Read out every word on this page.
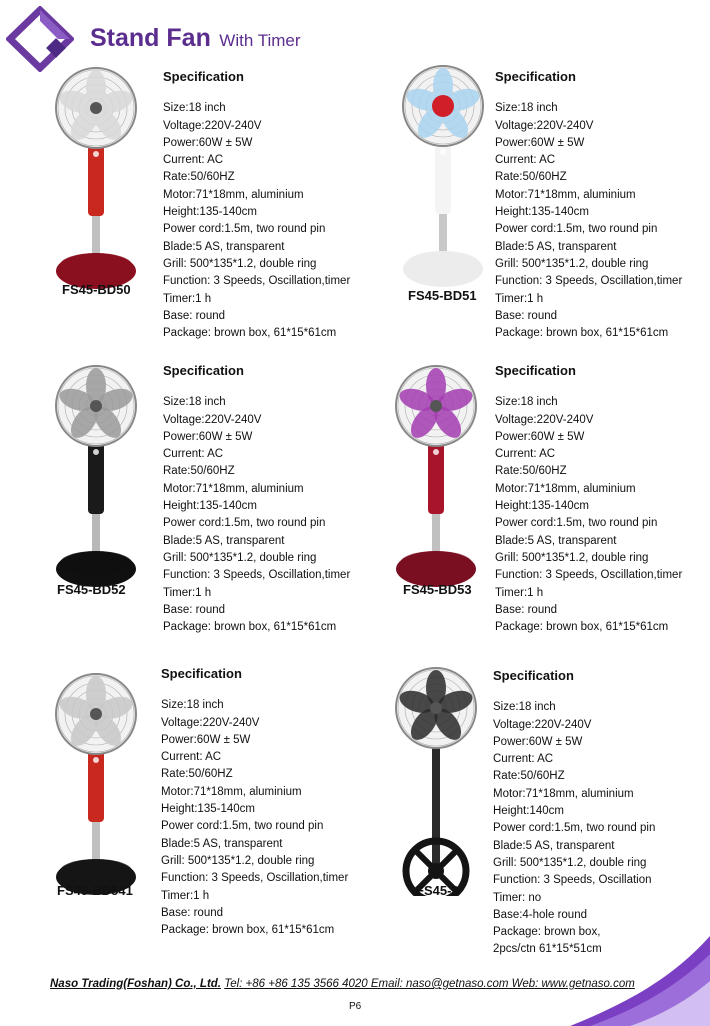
Stand Fan With Timer
FS45-BD50
Specification
Size:18 inch
Voltage:220V-240V
Power:60W ± 5W
Current: AC
Rate:50/60HZ
Motor:71*18mm, aluminium
Height:135-140cm
Power cord:1.5m, two round pin
Blade:5 AS, transparent
Grill: 500*135*1.2, double ring
Function: 3 Speeds, Oscillation,timer
Timer:1 h
Base: round
Package: brown box, 61*15*61cm
FS45-BD51
Specification
Size:18 inch
Voltage:220V-240V
Power:60W ± 5W
Current: AC
Rate:50/60HZ
Motor:71*18mm, aluminium
Height:135-140cm
Power cord:1.5m, two round pin
Blade:5 AS, transparent
Grill: 500*135*1.2, double ring
Function: 3 Speeds, Oscillation,timer
Timer:1 h
Base: round
Package: brown box, 61*15*61cm
FS45-BD52
Specification
Size:18 inch
Voltage:220V-240V
Power:60W ± 5W
Current: AC
Rate:50/60HZ
Motor:71*18mm, aluminium
Height:135-140cm
Power cord:1.5m, two round pin
Blade:5 AS, transparent
Grill: 500*135*1.2, double ring
Function: 3 Speeds, Oscillation,timer
Timer:1 h
Base: round
Package: brown box, 61*15*61cm
FS45-BD53
Specification
Size:18 inch
Voltage:220V-240V
Power:60W ± 5W
Current: AC
Rate:50/60HZ
Motor:71*18mm, aluminium
Height:135-140cm
Power cord:1.5m, two round pin
Blade:5 AS, transparent
Grill: 500*135*1.2, double ring
Function: 3 Speeds, Oscillation,timer
Timer:1 h
Base: round
Package: brown box, 61*15*61cm
FS45-BD541
Specification
Size:18 inch
Voltage:220V-240V
Power:60W ± 5W
Current: AC
Rate:50/60HZ
Motor:71*18mm, aluminium
Height:135-140cm
Power cord:1.5m, two round pin
Blade:5 AS, transparent
Grill: 500*135*1.2, double ring
Function: 3 Speeds, Oscillation,timer
Timer:1 h
Base: round
Package: brown box, 61*15*61cm
FS45-3
Specification
Size:18 inch
Voltage:220V-240V
Power:60W ± 5W
Current: AC
Rate:50/60HZ
Motor:71*18mm, aluminium
Height:140cm
Power cord:1.5m, two round pin
Blade:5 AS, transparent
Grill: 500*135*1.2, double ring
Function: 3 Speeds, Oscillation
Timer: no
Base:4-hole round
Package: brown box,
2pcs/ctn 61*15*51cm
Naso Trading(Foshan) Co., Ltd. Tel: +86 +86 135 3566 4020 Email: naso@getnaso.com Web: www.getnaso.com
P6
